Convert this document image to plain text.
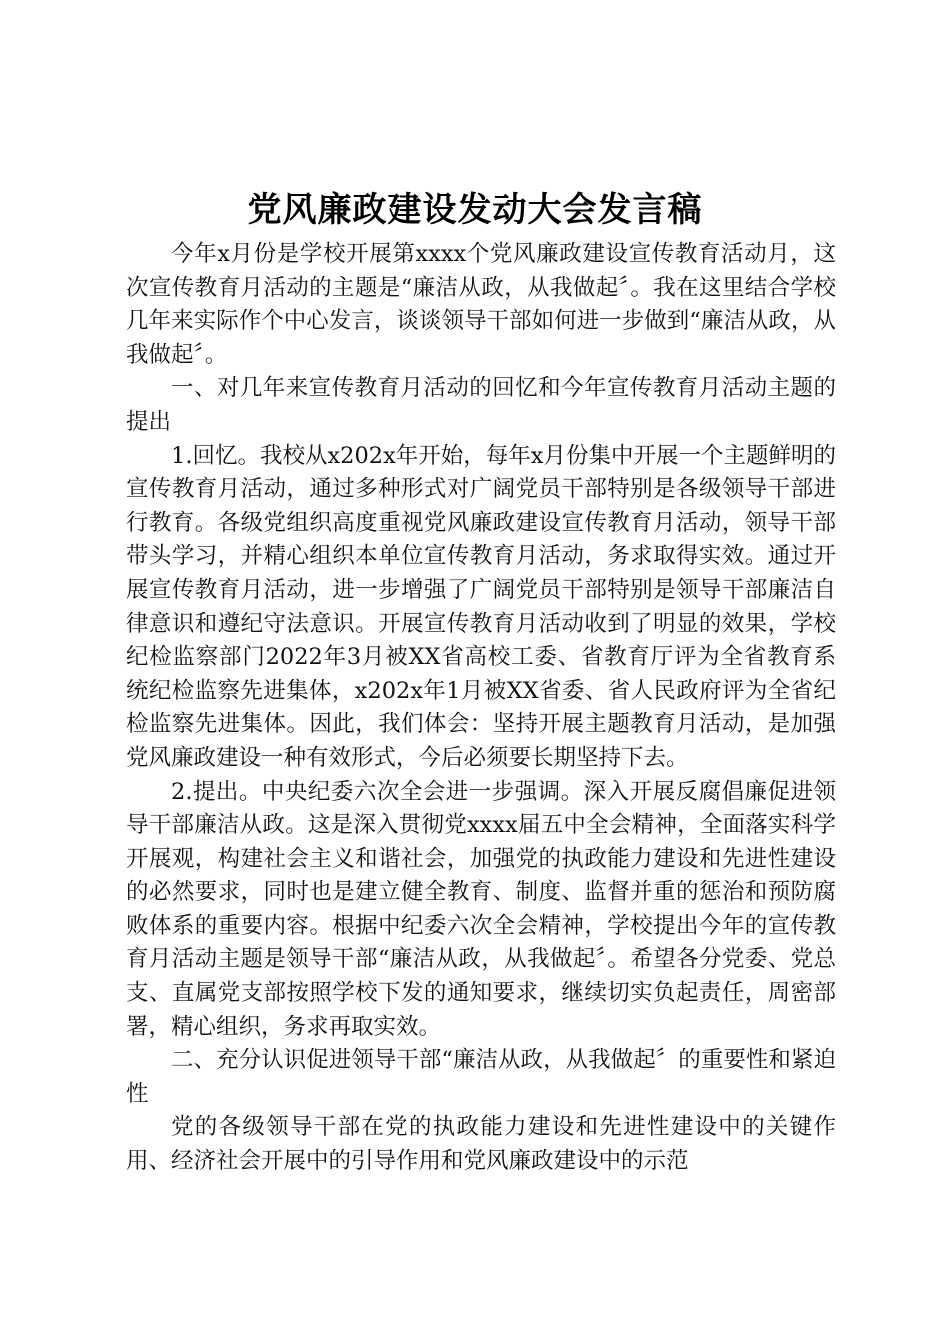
党风廉政建设发动大会发言稿

今年x月份是学校开展第xxxx个党风廉政建设宣传教育活动月，这次宣传教育月活动的主题是“廉洁从政，从我做起〞。我在这里结合学校几年来实际作个中心发言，谈谈领导干部如何进一步做到“廉洁从政，从我做起〞。

一、对几年来宣传教育月活动的回忆和今年宣传教育月活动主题的提出

1.回忆。我校从x202x年开始，每年x月份集中开展一个主题鲜明的宣传教育月活动，通过多种形式对广阔党员干部特别是各级领导干部进行教育。各级党组织高度重视党风廉政建设宣传教育月活动，领导干部带头学习，并精心组织本单位宣传教育月活动，务求取得实效。通过开展宣传教育月活动，进一步增强了广阔党员干部特别是领导干部廉洁自律意识和遵纪守法意识。开展宣传教育月活动收到了明显的效果，学校纪检监察部门2022年3月被XX省高校工委、省教育厅评为全省教育系统纪检监察先进集体，x202x年1月被XX省委、省人民政府评为全省纪检监察先进集体。因此，我们体会：坚持开展主题教育月活动，是加强党风廉政建设一种有效形式，今后必须要长期坚持下去。

2.提出。中央纪委六次全会进一步强调。深入开展反腐倡廉促进领导干部廉洁从政。这是深入贯彻党xxxx届五中全会精神，全面落实科学开展观，构建社会主义和谐社会，加强党的执政能力建设和先进性建设的必然要求，同时也是建立健全教育、制度、监督并重的惩治和预防腐败体系的重要内容。根据中纪委六次全会精神，学校提出今年的宣传教育月活动主题是领导干部“廉洁从政，从我做起〞。希望各分党委、党总支、直属党支部按照学校下发的通知要求，继续切实负起责任，周密部署，精心组织，务求再取实效。

二、充分认识促进领导干部“廉洁从政，从我做起〞的重要性和紧迫性

党的各级领导干部在党的执政能力建设和先进性建设中的关键作用、经济社会开展中的引导作用和党风廉政建设中的示范
